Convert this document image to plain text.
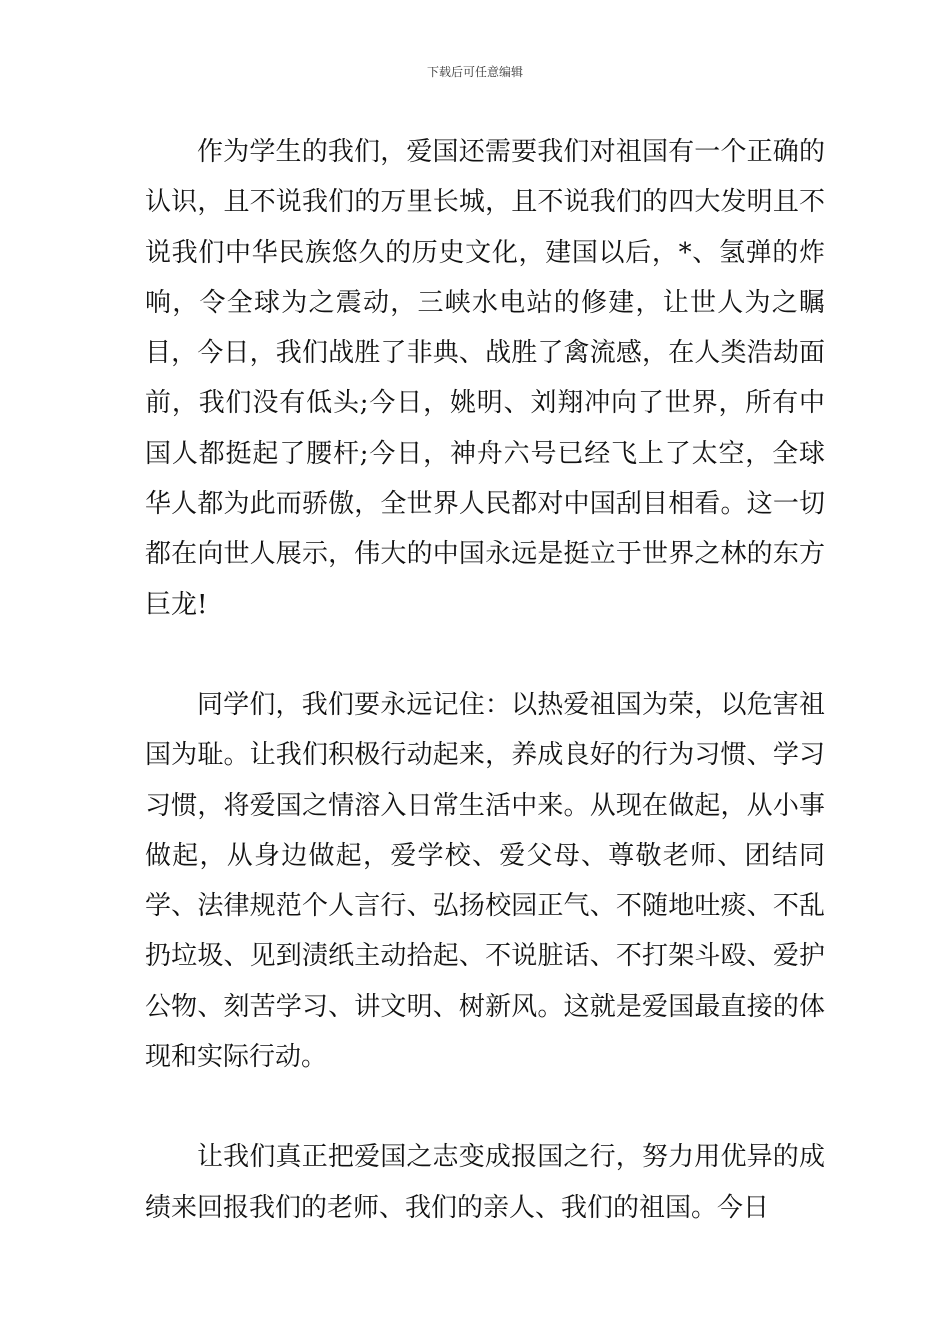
下载后可任意编辑

作为学生的我们，爱国还需要我们对祖国有一个正确的认识，且不说我们的万里长城，且不说我们的四大发明且不说我们中华民族悠久的历史文化，建国以后，*、氢弹的炸响，令全球为之震动，三峡水电站的修建，让世人为之瞩目，今日，我们战胜了非典、战胜了禽流感，在人类浩劫面前，我们没有低头;今日，姚明、刘翔冲向了世界，所有中国人都挺起了腰杆;今日，神舟六号已经飞上了太空，全球华人都为此而骄傲，全世界人民都对中国刮目相看。这一切都在向世人展示，伟大的中国永远是挺立于世界之林的东方巨龙!

同学们，我们要永远记住：以热爱祖国为荣，以危害祖国为耻。让我们积极行动起来，养成良好的行为习惯、学习习惯，将爱国之情溶入日常生活中来。从现在做起，从小事做起，从身边做起，爱学校、爱父母、尊敬老师、团结同学、法律规范个人言行、弘扬校园正气、不随地吐痰、不乱扔垃圾、见到渍纸主动拾起、不说脏话、不打架斗殴、爱护公物、刻苦学习、讲文明、树新风。这就是爱国最直接的体现和实际行动。

让我们真正把爱国之志变成报国之行，努力用优异的成绩来回报我们的老师、我们的亲人、我们的祖国。今日
